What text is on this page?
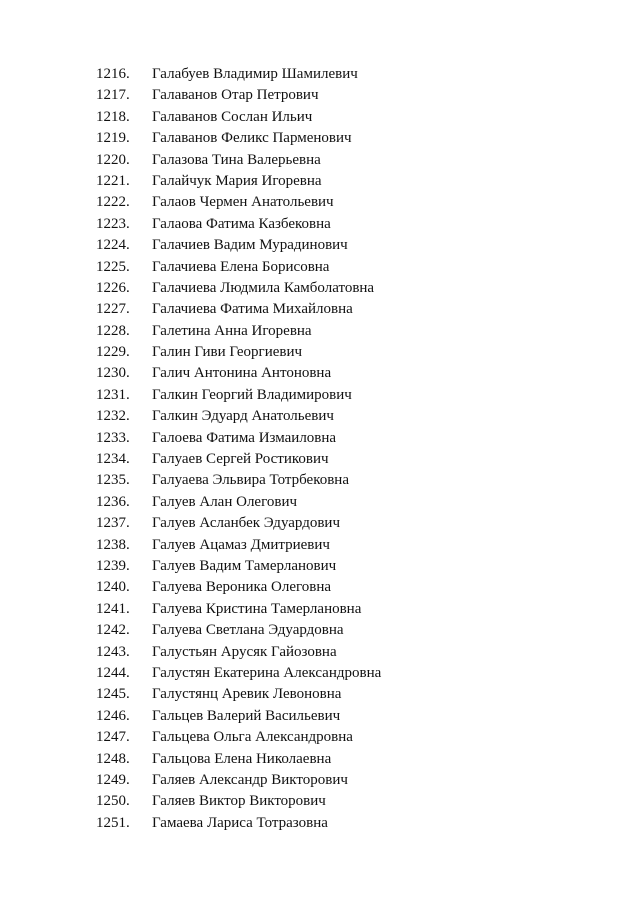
1216.	Галабуев Владимир Шамилевич
1217.	Галаванов Отар Петрович
1218.	Галаванов Сослан Ильич
1219.	Галаванов Феликс Парменович
1220.	Галазова Тина Валерьевна
1221.	Галайчук Мария Игоревна
1222.	Галаов Чермен Анатольевич
1223.	Галаова Фатима Казбековна
1224.	Галачиев Вадим Мурадинович
1225.	Галачиева Елена Борисовна
1226.	Галачиева Людмила Камболатовна
1227.	Галачиева Фатима Михайловна
1228.	Галетина Анна Игоревна
1229.	Галин Гиви Георгиевич
1230.	Галич Антонина Антоновна
1231.	Галкин Георгий Владимирович
1232.	Галкин Эдуард Анатольевич
1233.	Галоева Фатима Измаиловна
1234.	Галуаев Сергей Ростикович
1235.	Галуаева Эльвира Тотрбековна
1236.	Галуев Алан Олегович
1237.	Галуев Асланбек Эдуардович
1238.	Галуев Ацамаз Дмитриевич
1239.	Галуев Вадим Тамерланович
1240.	Галуева Вероника Олеговна
1241.	Галуева Кристина Тамерлановна
1242.	Галуева Светлана Эдуардовна
1243.	Галустьян Арусяк Гайозовна
1244.	Галустян Екатерина Александровна
1245.	Галустянц Аревик Левоновна
1246.	Гальцев Валерий Васильевич
1247.	Гальцева Ольга Александровна
1248.	Гальцова Елена Николаевна
1249.	Галяев Александр Викторович
1250.	Галяев Виктор Викторович
1251.	Гамаева Лариса Тотразовна
